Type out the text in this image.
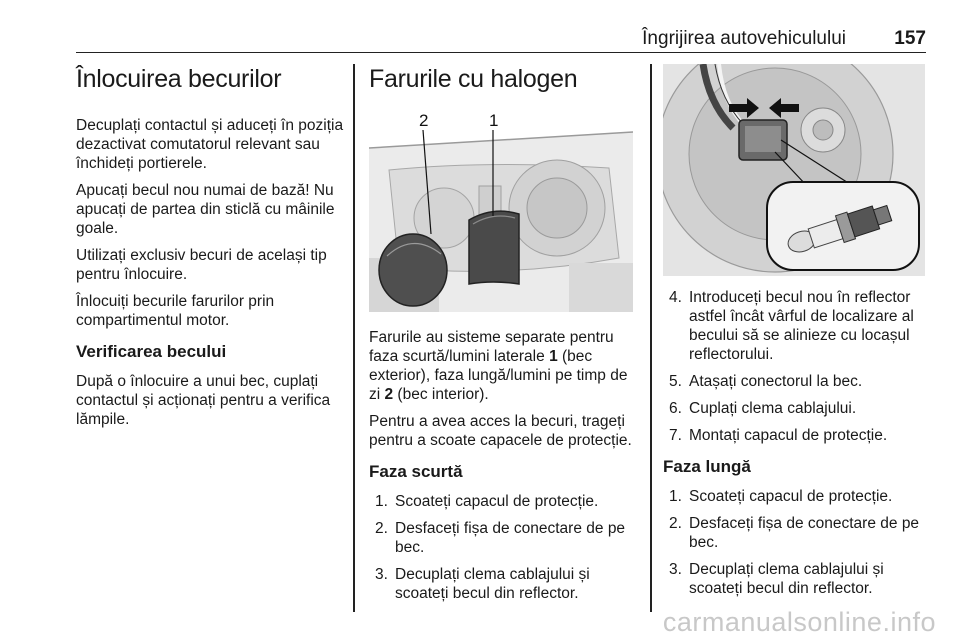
Îngrijirea autovehiculului	157
Înlocuirea becurilor

Decuplați contactul și aduceți în poziția dezactivat comutatorul relevant sau închideți portierele.

Apucați becul nou numai de bază! Nu apucați de partea din sticlă cu mâinile goale.

Utilizați exclusiv becuri de același tip pentru înlocuire.

Înlocuiți becurile farurilor prin compartimentul motor.

Verificarea becului

După o înlocuire a unui bec, cuplați contactul și acționați pentru a verifica lămpile.

Farurile cu halogen
2	1

Farurile au sisteme separate pentru faza scurtă/lumini laterale 1 (bec exterior), faza lungă/lumini pe timp de zi 2 (bec interior).

Pentru a avea acces la becuri, trageți pentru a scoate capacele de protecție.

Faza scurtă
1. Scoateți capacul de protecție.
2. Desfaceți fișa de conectare de pe bec.
3. Decuplați clema cablajului și scoateți becul din reflector.
4. Introduceți becul nou în reflector astfel încât vârful de localizare al becului să se alinieze cu locașul reflectorului.
5. Atașați conectorul la bec.
6. Cuplați clema cablajului.
7. Montați capacul de protecție.
Faza lungă
1. Scoateți capacul de protecție.
2. Desfaceți fișa de conectare de pe bec.
3. Decuplați clema cablajului și scoateți becul din reflector.
carmanualsonline.info
